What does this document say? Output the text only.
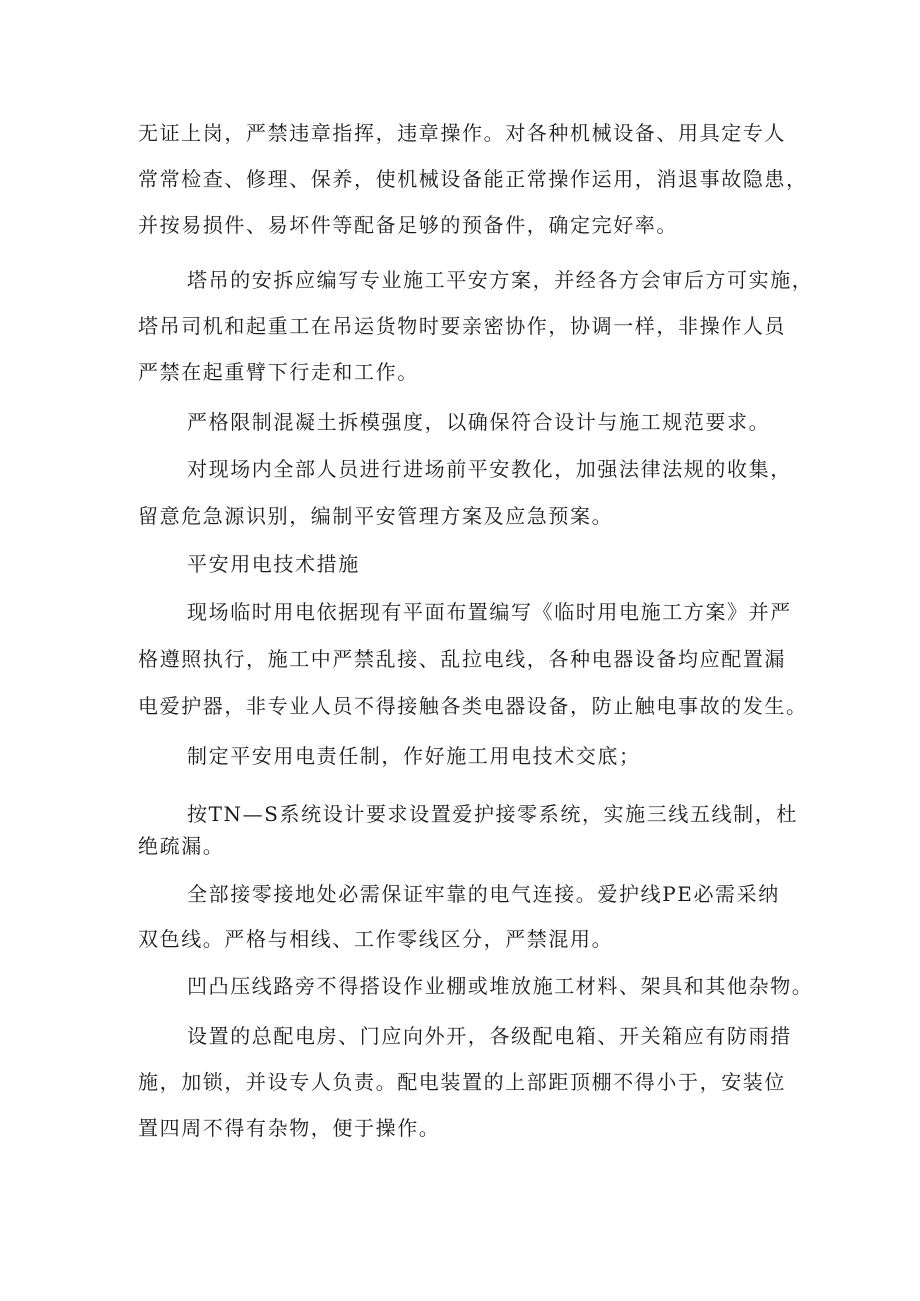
无证上岗，严禁违章指挥，违章操作。对各种机械设备、用具定专人
常常检查、修理、保养，使机械设备能正常操作运用，消退事故隐患，
并按易损件、易坏件等配备足够的预备件，确定完好率。
塔吊的安拆应编写专业施工平安方案，并经各方会审后方可实施，
塔吊司机和起重工在吊运货物时要亲密协作，协调一样，非操作人员
严禁在起重臂下行走和工作。
严格限制混凝土拆模强度，以确保符合设计与施工规范要求。
对现场内全部人员进行进场前平安教化，加强法律法规的收集，
留意危急源识别，编制平安管理方案及应急预案。
平安用电技术措施
现场临时用电依据现有平面布置编写《临时用电施工方案》并严
格遵照执行，施工中严禁乱接、乱拉电线，各种电器设备均应配置漏
电爱护器，非专业人员不得接触各类电器设备，防止触电事故的发生。
制定平安用电责任制，作好施工用电技术交底；
按TN—S系统设计要求设置爱护接零系统，实施三线五线制，杜
绝疏漏。
全部接零接地处必需保证牢靠的电气连接。爱护线PE必需采纳
双色线。严格与相线、工作零线区分，严禁混用。
凹凸压线路旁不得搭设作业棚或堆放施工材料、架具和其他杂物。
设置的总配电房、门应向外开，各级配电箱、开关箱应有防雨措
施，加锁，并设专人负责。配电装置的上部距顶棚不得小于，安装位
置四周不得有杂物，便于操作。
